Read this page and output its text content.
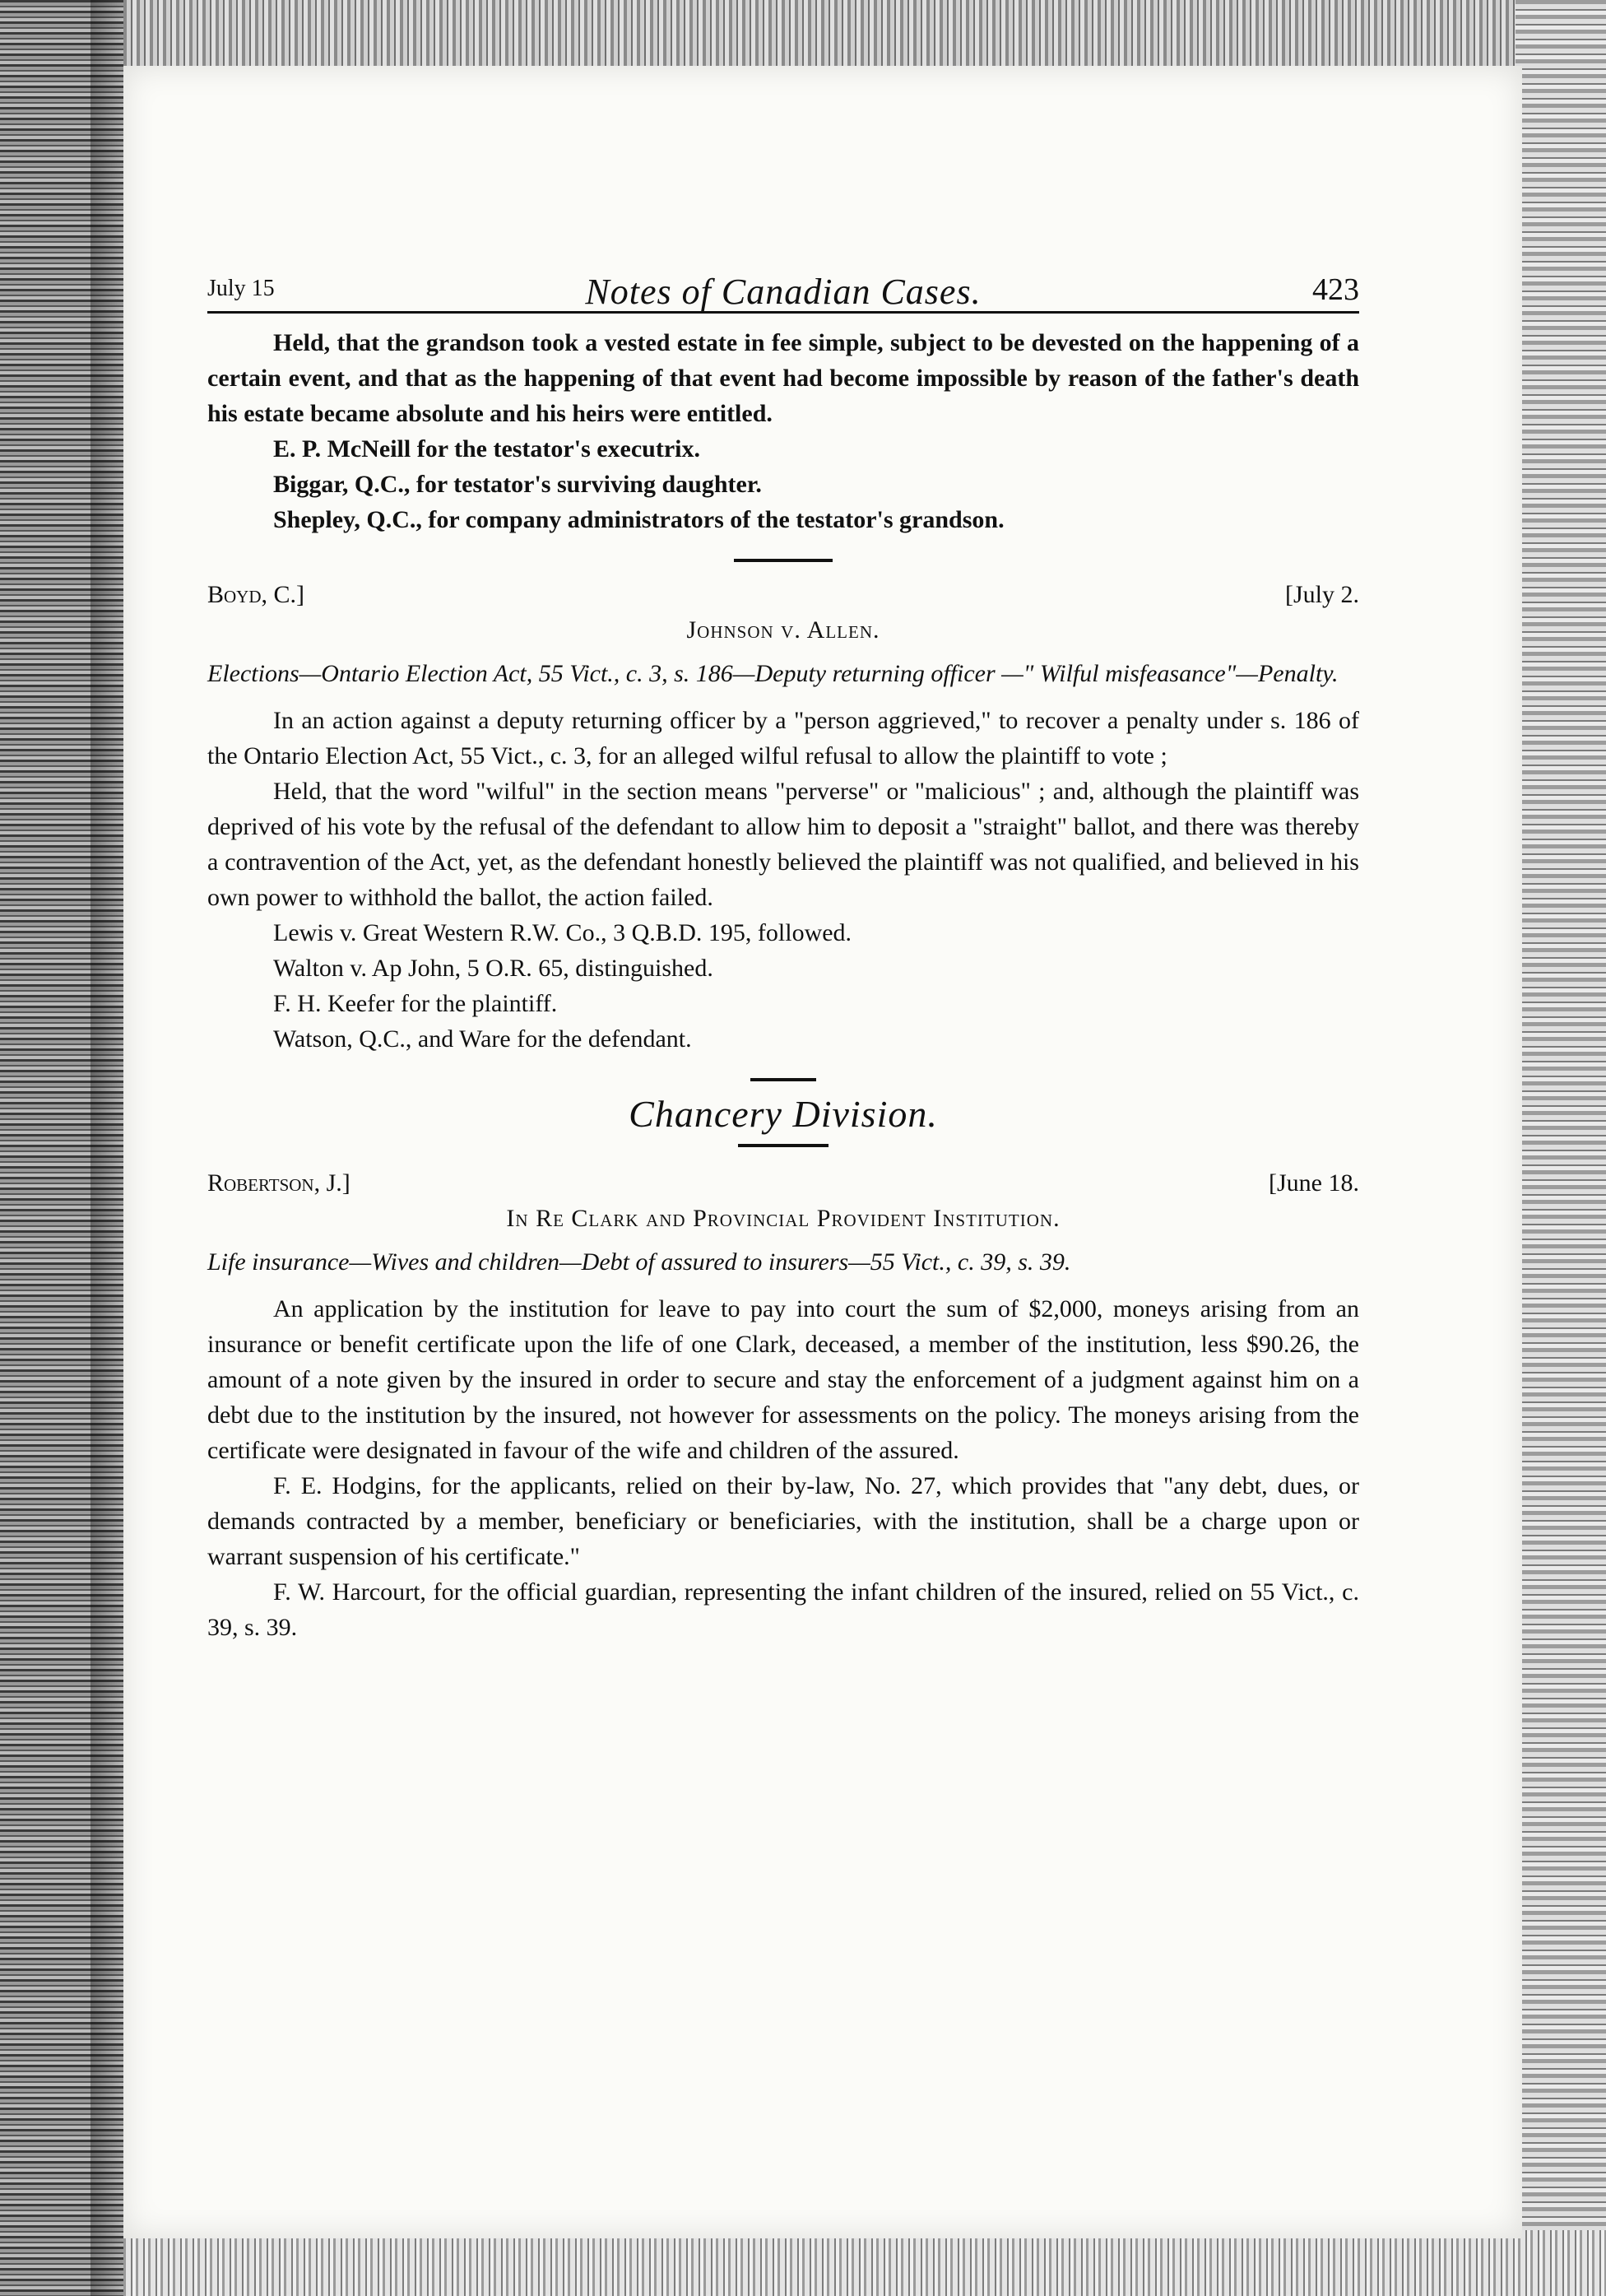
July 15	Notes of Canadian Cases.	423

Held, that the grandson took a vested estate in fee simple, subject to be devested on the happening of a certain event, and that as the happening of that event had become impossible by reason of the father's death his estate became absolute and his heirs were entitled.

E. P. McNeill for the testator's executrix.

Biggar, Q.C., for testator's surviving daughter.

Shepley, Q.C., for company administrators of the testator's grandson.

Boyd, C.]	[July 2.
Johnson v. Allen.

Elections—Ontario Election Act, 55 Vict., c. 3, s. 186—Deputy returning officer —" Wilful misfeasance"—Penalty.

In an action against a deputy returning officer by a "person aggrieved," to recover a penalty under s. 186 of the Ontario Election Act, 55 Vict., c. 3, for an alleged wilful refusal to allow the plaintiff to vote ;

Held, that the word "wilful" in the section means "perverse" or "malicious" ; and, although the plaintiff was deprived of his vote by the refusal of the defendant to allow him to deposit a "straight" ballot, and there was thereby a contravention of the Act, yet, as the defendant honestly believed the plaintiff was not qualified, and believed in his own power to withhold the ballot, the action failed.

Lewis v. Great Western R.W. Co., 3 Q.B.D. 195, followed.

Walton v. Ap John, 5 O.R. 65, distinguished.

F. H. Keefer for the plaintiff.

Watson, Q.C., and Ware for the defendant.

Chancery Division.
Robertson, J.]	[June 18.
In Re Clark and Provincial Provident Institution.

Life insurance—Wives and children—Debt of assured to insurers—55 Vict., c. 39, s. 39.

An application by the institution for leave to pay into court the sum of $2,000, moneys arising from an insurance or benefit certificate upon the life of one Clark, deceased, a member of the institution, less $90.26, the amount of a note given by the insured in order to secure and stay the enforcement of a judgment against him on a debt due to the institution by the insured, not however for assessments on the policy. The moneys arising from the certificate were designated in favour of the wife and children of the assured.

F. E. Hodgins, for the applicants, relied on their by-law, No. 27, which provides that "any debt, dues, or demands contracted by a member, beneficiary or beneficiaries, with the institution, shall be a charge upon or warrant suspension of his certificate."

F. W. Harcourt, for the official guardian, representing the infant children of the insured, relied on 55 Vict., c. 39, s. 39.
